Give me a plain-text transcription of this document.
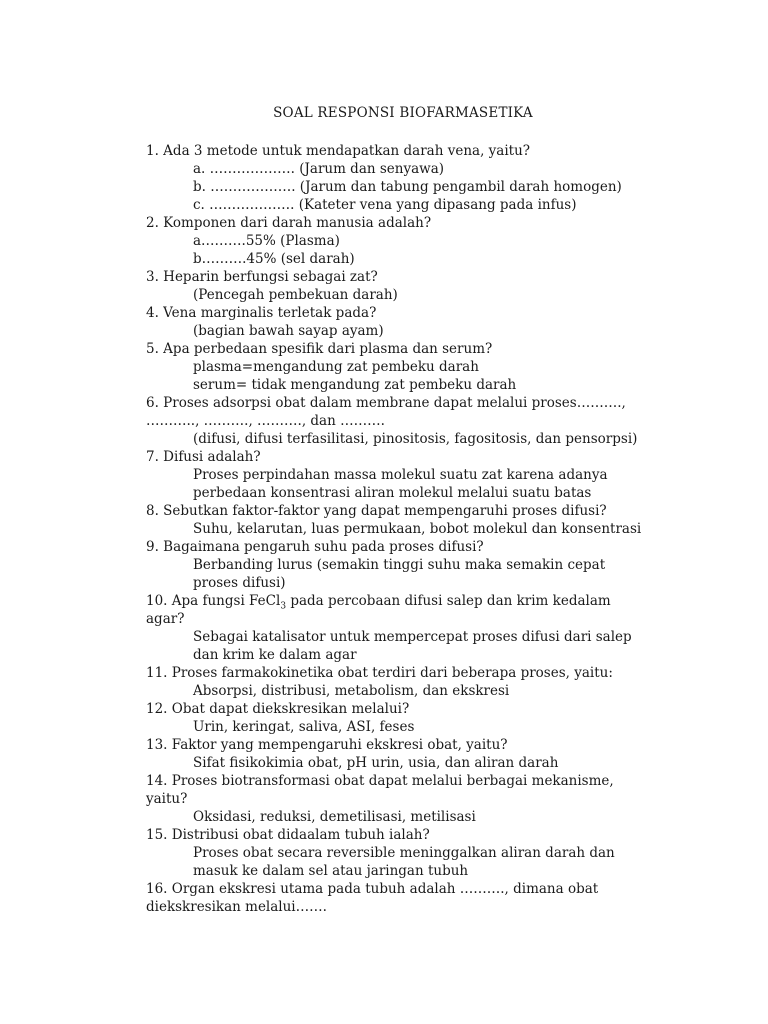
SOAL RESPONSI BIOFARMASETIKA
1. Ada 3 metode untuk mendapatkan darah vena, yaitu?
a. ………………. (Jarum dan senyawa)
b. ………………. (Jarum dan tabung pengambil darah homogen)
c. ………………. (Kateter vena yang dipasang pada infus)
2. Komponen dari darah manusia adalah?
a……….55% (Plasma)
b……….45% (sel darah)
3. Heparin berfungsi sebagai zat?
(Pencegah pembekuan darah)
4. Vena marginalis terletak pada?
(bagian bawah sayap ayam)
5. Apa perbedaan spesifik dari plasma dan serum?
plasma=mengandung zat pembeku darah
serum= tidak mengandung zat pembeku darah
6. Proses adsorpsi obat dalam membrane dapat melalui proses……….,
……….., ………., ………., dan ……….
(difusi, difusi terfasilitasi, pinositosis, fagositosis, dan pensorpsi)
7. Difusi adalah?
Proses perpindahan massa molekul suatu zat karena adanya
perbedaan konsentrasi aliran molekul melalui suatu batas
8. Sebutkan faktor-faktor yang dapat mempengaruhi proses difusi?
Suhu, kelarutan, luas permukaan, bobot molekul dan konsentrasi
9. Bagaimana pengaruh suhu pada proses difusi?
Berbanding lurus (semakin tinggi suhu maka semakin cepat
proses difusi)
10. Apa fungsi FeCl$_3$ pada percobaan difusi salep dan krim kedalam
agar?
Sebagai katalisator untuk mempercepat proses difusi dari salep
dan krim ke dalam agar
11. Proses farmakokinetika obat terdiri dari beberapa proses, yaitu:
Absorpsi, distribusi, metabolism, dan ekskresi
12. Obat dapat diekskresikan melalui?
Urin, keringat, saliva, ASI, feses
13. Faktor yang mempengaruhi ekskresi obat, yaitu?
Sifat fisikokimia obat, pH urin, usia, dan aliran darah
14. Proses biotransformasi obat dapat melalui berbagai mekanisme,
yaitu?
Oksidasi, reduksi, demetilisasi, metilisasi
15. Distribusi obat didaalam tubuh ialah?
Proses obat secara reversible meninggalkan aliran darah dan
masuk ke dalam sel atau jaringan tubuh
16. Organ ekskresi utama pada tubuh adalah ………., dimana obat
diekskresikan melalui…….
